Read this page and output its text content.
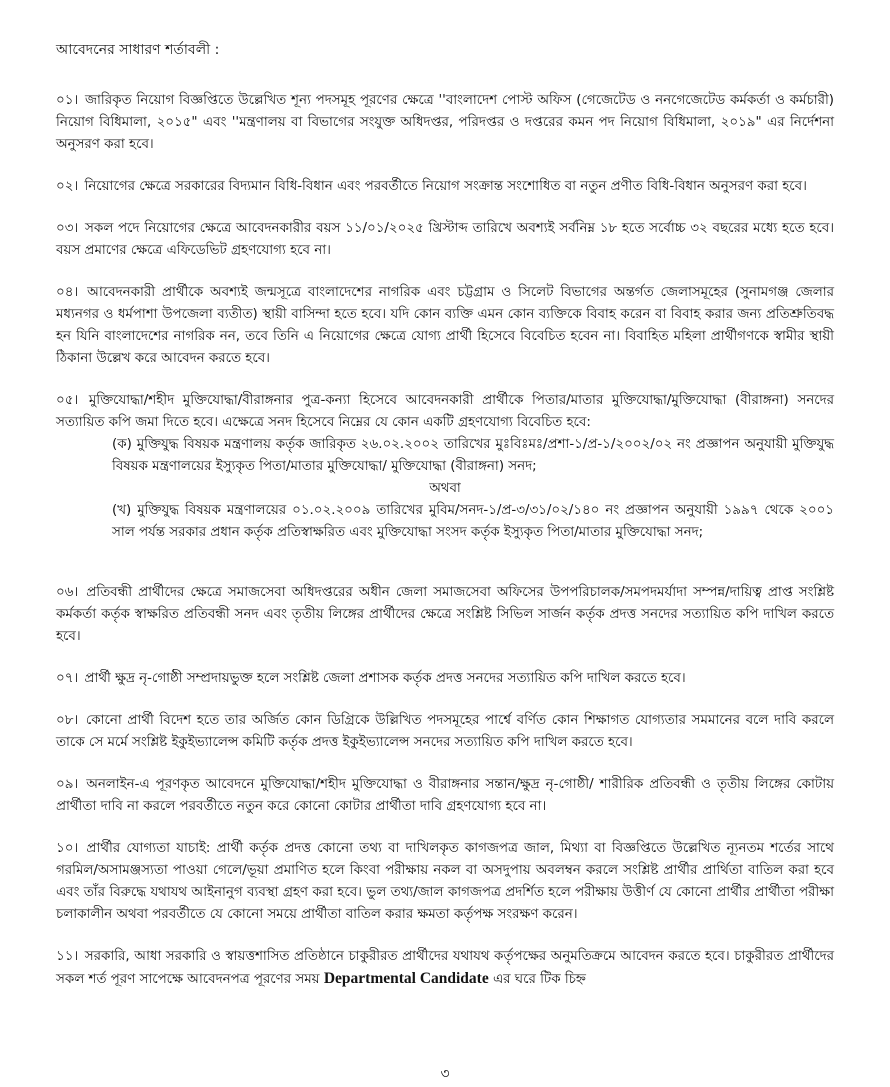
আবেদনের সাধারণ শর্তাবলী :

০১। জারিকৃত নিয়োগ বিজ্ঞপ্তিতে উল্লেখিত শূন্য পদসমূহ পূরণের ক্ষেত্রে ''বাংলাদেশ পোস্ট অফিস (গেজেটেড ও ননগেজেটেড কর্মকর্তা ও কর্মচারী) নিয়োগ বিধিমালা, ২০১৫" এবং ''মন্ত্রণালয় বা বিভাগের সংযুক্ত অধিদপ্তর, পরিদপ্তর ও দপ্তরের কমন পদ নিয়োগ বিধিমালা, ২০১৯" এর নির্দেশনা অনুসরণ করা হবে।

০২। নিয়োগের ক্ষেত্রে সরকারের বিদ্যমান বিধি-বিধান এবং পরবর্তীতে নিয়োগ সংক্রান্ত সংশোধিত বা নতুন প্রণীত বিধি-বিধান অনুসরণ করা হবে।

০৩। সকল পদে নিয়োগের ক্ষেত্রে আবেদনকারীর বয়স ১১/০১/২০২৫ খ্রিস্টাব্দ তারিখে অবশ্যই সর্বনিম্ন ১৮ হতে সর্বোচ্চ ৩২ বছরের মধ্যে হতে হবে। বয়স প্রমাণের ক্ষেত্রে এফিডেভিট গ্রহণযোগ্য হবে না।

০৪। আবেদনকারী প্রার্থীকে অবশ্যই জন্মসূত্রে বাংলাদেশের নাগরিক এবং চট্টগ্রাম ও সিলেট বিভাগের অন্তর্গত জেলাসমূহের (সুনামগঞ্জ জেলার মধ্যনগর ও ধর্মপাশা উপজেলা ব্যতীত) স্থায়ী বাসিন্দা হতে হবে। যদি কোন ব্যক্তি এমন কোন ব্যক্তিকে বিবাহ করেন বা বিবাহ করার জন্য প্রতিশ্রুতিবদ্ধ হন যিনি বাংলাদেশের নাগরিক নন, তবে তিনি এ নিয়োগের ক্ষেত্রে যোগ্য প্রার্থী হিসেবে বিবেচিত হবেন না। বিবাহিত মহিলা প্রার্থীগণকে স্বামীর স্থায়ী ঠিকানা উল্লেখ করে আবেদন করতে হবে।

০৫। মুক্তিযোদ্ধা/শহীদ মুক্তিযোদ্ধা/বীরাঙ্গনার পুত্র-কন্যা হিসেবে আবেদনকারী প্রার্থীকে পিতার/মাতার মুক্তিযোদ্ধা/মুক্তিযোদ্ধা (বীরাঙ্গনা) সনদের সত্যায়িত কপি জমা দিতে হবে। এক্ষেত্রে সনদ হিসেবে নিম্নের যে কোন একটি গ্রহণযোগ্য বিবেচিত হবে:

(ক) মুক্তিযুদ্ধ বিষয়ক মন্ত্রণালয় কর্তৃক জারিকৃত ২৬.০২.২০০২ তারিখের মুঃবিঃমঃ/প্রশা-১/প্র-১/২০০২/০২ নং প্রজ্ঞাপন অনুযায়ী মুক্তিযুদ্ধ বিষয়ক মন্ত্রণালয়ের ইস্যুকৃত পিতা/মাতার মুক্তিযোদ্ধা/ মুক্তিযোদ্ধা (বীরাঙ্গনা) সনদ;

অথবা

(খ) মুক্তিযুদ্ধ বিষয়ক মন্ত্রণালয়ের ০১.০২.২০০৯ তারিখের মুবিম/সনদ-১/প্র-৩/৩১/০২/১৪০ নং প্রজ্ঞাপন অনুযায়ী ১৯৯৭ থেকে ২০০১ সাল পর্যন্ত সরকার প্রধান কর্তৃক প্রতিস্বাক্ষরিত এবং মুক্তিযোদ্ধা সংসদ কর্তৃক ইস্যুকৃত পিতা/মাতার মুক্তিযোদ্ধা সনদ;

০৬। প্রতিবন্ধী প্রার্থীদের ক্ষেত্রে সমাজসেবা অধিদপ্তরের অধীন জেলা সমাজসেবা অফিসের উপপরিচালক/সমপদমর্যাদা সম্পন্ন/দায়িত্ব প্রাপ্ত সংশ্লিষ্ট কর্মকর্তা কর্তৃক স্বাক্ষরিত প্রতিবন্ধী সনদ এবং তৃতীয় লিঙ্গের প্রার্থীদের ক্ষেত্রে সংশ্লিষ্ট সিভিল সার্জন কর্তৃক প্রদত্ত সনদের সত্যায়িত কপি দাখিল করতে হবে।

০৭। প্রার্থী ক্ষুদ্র নৃ-গোষ্ঠী সম্প্রদায়ভুক্ত হলে সংশ্লিষ্ট জেলা প্রশাসক কর্তৃক প্রদত্ত সনদের সত্যায়িত কপি দাখিল করতে হবে।

০৮। কোনো প্রার্থী বিদেশ হতে তার অর্জিত কোন ডিগ্রিকে উল্লিখিত পদসমূহের পার্শ্বে বর্ণিত কোন শিক্ষাগত যোগ্যতার সমমানের বলে দাবি করলে তাকে সে মর্মে সংশ্লিষ্ট ইকুইভ্যালেন্স কমিটি কর্তৃক প্রদত্ত ইকুইভ্যালেন্স সনদের সত্যায়িত কপি দাখিল করতে হবে।

০৯। অনলাইন-এ পূরণকৃত আবেদনে মুক্তিযোদ্ধা/শহীদ মুক্তিযোদ্ধা ও বীরাঙ্গনার সন্তান/ক্ষুদ্র নৃ-গোষ্ঠী/ শারীরিক প্রতিবন্ধী ও তৃতীয় লিঙ্গের কোটায় প্রার্থীতা দাবি না করলে পরবর্তীতে নতুন করে কোনো কোটার প্রার্থীতা দাবি গ্রহণযোগ্য হবে না।

১০। প্রার্থীর যোগ্যতা যাচাই: প্রার্থী কর্তৃক প্রদত্ত কোনো তথ্য বা দাখিলকৃত কাগজপত্র জাল, মিথ্যা বা বিজ্ঞপ্তিতে উল্লেখিত ন্যূনতম শর্তের সাথে গরমিল/অসামঞ্জস্যতা পাওয়া গেলে/ভূয়া প্রমাণিত হলে কিংবা পরীক্ষায় নকল বা অসদুপায় অবলম্বন করলে সংশ্লিষ্ট প্রার্থীর প্রার্থিতা বাতিল করা হবে এবং তাঁর বিরুদ্ধে যথাযথ আইনানুগ ব্যবস্থা গ্রহণ করা হবে। ভুল তথ্য/জাল কাগজপত্র প্রদর্শিত হলে পরীক্ষায় উত্তীর্ণ যে কোনো প্রার্থীর প্রার্থীতা পরীক্ষা চলাকালীন অথবা পরবর্তীতে যে কোনো সময়ে প্রার্থীতা বাতিল করার ক্ষমতা কর্তৃপক্ষ সংরক্ষণ করেন।

১১। সরকারি, আধা সরকারি ও স্বায়ত্তশাসিত প্রতিষ্ঠানে চাকুরীরত প্রার্থীদের যথাযথ কর্তৃপক্ষের অনুমতিক্রমে আবেদন করতে হবে। চাকুরীরত প্রার্থীদের সকল শর্ত পূরণ সাপেক্ষে আবেদনপত্র পূরণের সময় Departmental Candidate এর ঘরে টিক চিহ্ন

৩
